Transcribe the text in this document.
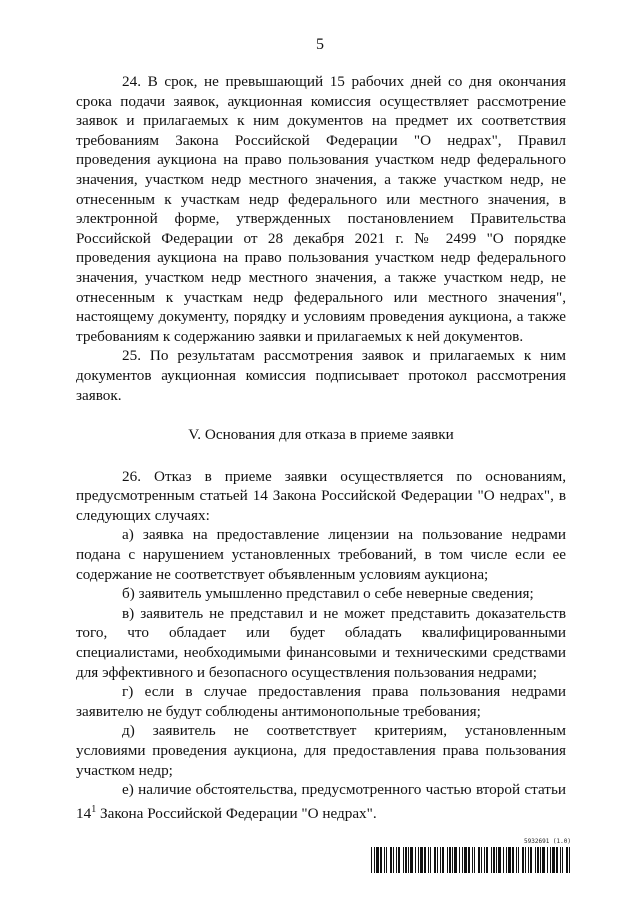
5

24. В срок, не превышающий 15 рабочих дней со дня окончания срока подачи заявок, аукционная комиссия осуществляет рассмотрение заявок и прилагаемых к ним документов на предмет их соответствия требованиям Закона Российской Федерации "О недрах", Правил проведения аукциона на право пользования участком недр федерального значения, участком недр местного значения, а также участком недр, не отнесенным к участкам недр федерального или местного значения, в электронной форме, утвержденных постановлением Правительства Российской Федерации от 28 декабря 2021 г. № 2499 "О порядке проведения аукциона на право пользования участком недр федерального значения, участком недр местного значения, а также участком недр, не отнесенным к участкам недр федерального или местного значения", настоящему документу, порядку и условиям проведения аукциона, а также требованиям к содержанию заявки и прилагаемых к ней документов.

25. По результатам рассмотрения заявок и прилагаемых к ним документов аукционная комиссия подписывает протокол рассмотрения заявок.

V. Основания для отказа в приеме заявки

26. Отказ в приеме заявки осуществляется по основаниям, предусмотренным статьей 14 Закона Российской Федерации "О недрах", в следующих случаях:

а) заявка на предоставление лицензии на пользование недрами подана с нарушением установленных требований, в том числе если ее содержание не соответствует объявленным условиям аукциона;

б) заявитель умышленно представил о себе неверные сведения;

в) заявитель не представил и не может представить доказательств того, что обладает или будет обладать квалифицированными специалистами, необходимыми финансовыми и техническими средствами для эффективного и безопасного осуществления пользования недрами;

г) если в случае предоставления права пользования недрами заявителю не будут соблюдены антимонопольные требования;

д) заявитель не соответствует критериям, установленным условиями проведения аукциона, для предоставления права пользования участком недр;

е) наличие обстоятельства, предусмотренного частью второй статьи $14^1$ Закона Российской Федерации "О недрах".

5932691 (1.0)
